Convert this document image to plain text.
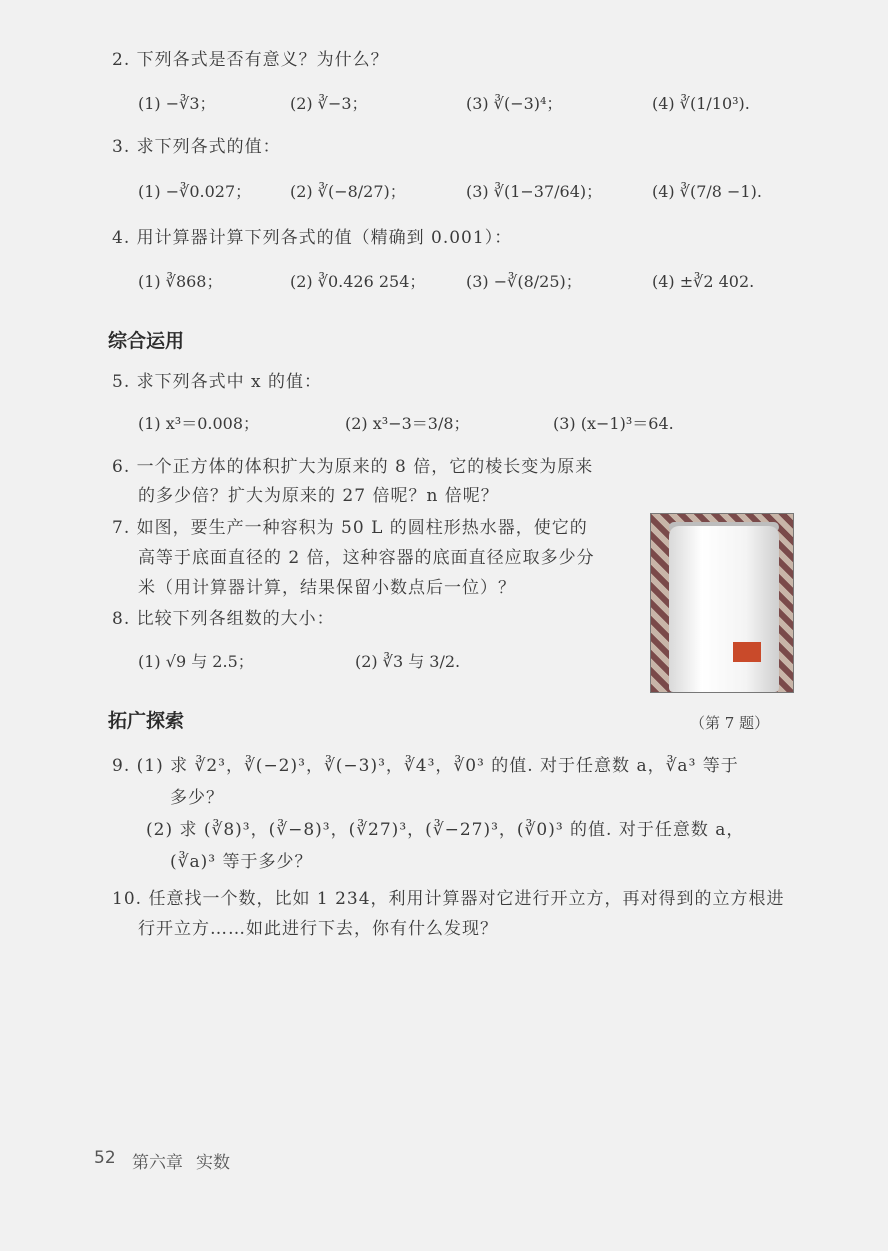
2. 下列各式是否有意义？为什么？
(1) −∛3；	(2) ∛−3；	(3) ∛(−3)⁴；	(4) ∛(1/10³).
3. 求下列各式的值：
(1) −∛0.027； (2) ∛(−8/27)；	(3) ∛(1−37/64)；	(4) ∛(7/8 −1).
4. 用计算器计算下列各式的值（精确到 0.001）：
(1) ∛868；	(2) ∛0.426 254；	(3) −∛(8/25)；	(4) ±∛2 402.
综合运用
5. 求下列各式中 x 的值：
(1) x³＝0.008；	(2) x³−3＝3/8；	(3) (x−1)³＝64.
6. 一个正方体的体积扩大为原来的 8 倍，它的棱长变为原来
的多少倍？扩大为原来的 27 倍呢？n 倍呢？
7. 如图，要生产一种容积为 50 L 的圆柱形热水器，使它的
高等于底面直径的 2 倍，这种容器的底面直径应取多少分
米（用计算器计算，结果保留小数点后一位）？
（第 7 题）
8. 比较下列各组数的大小：
(1) √9 与 2.5；	(2) ∛3 与 3/2.
拓广探索
9. (1) 求 ∛2³，∛(−2)³，∛(−3)³，∛4³，∛0³ 的值. 对于任意数 a，∛a³ 等于
多少？
(2) 求 (∛8)³，(∛−8)³，(∛27)³，(∛−27)³，(∛0)³ 的值. 对于任意数 a，
(∛a)³ 等于多少？
10. 任意找一个数，比如 1 234，利用计算器对它进行开立方，再对得到的立方根进
行开立方……如此进行下去，你有什么发现？
52 第六章 实数
